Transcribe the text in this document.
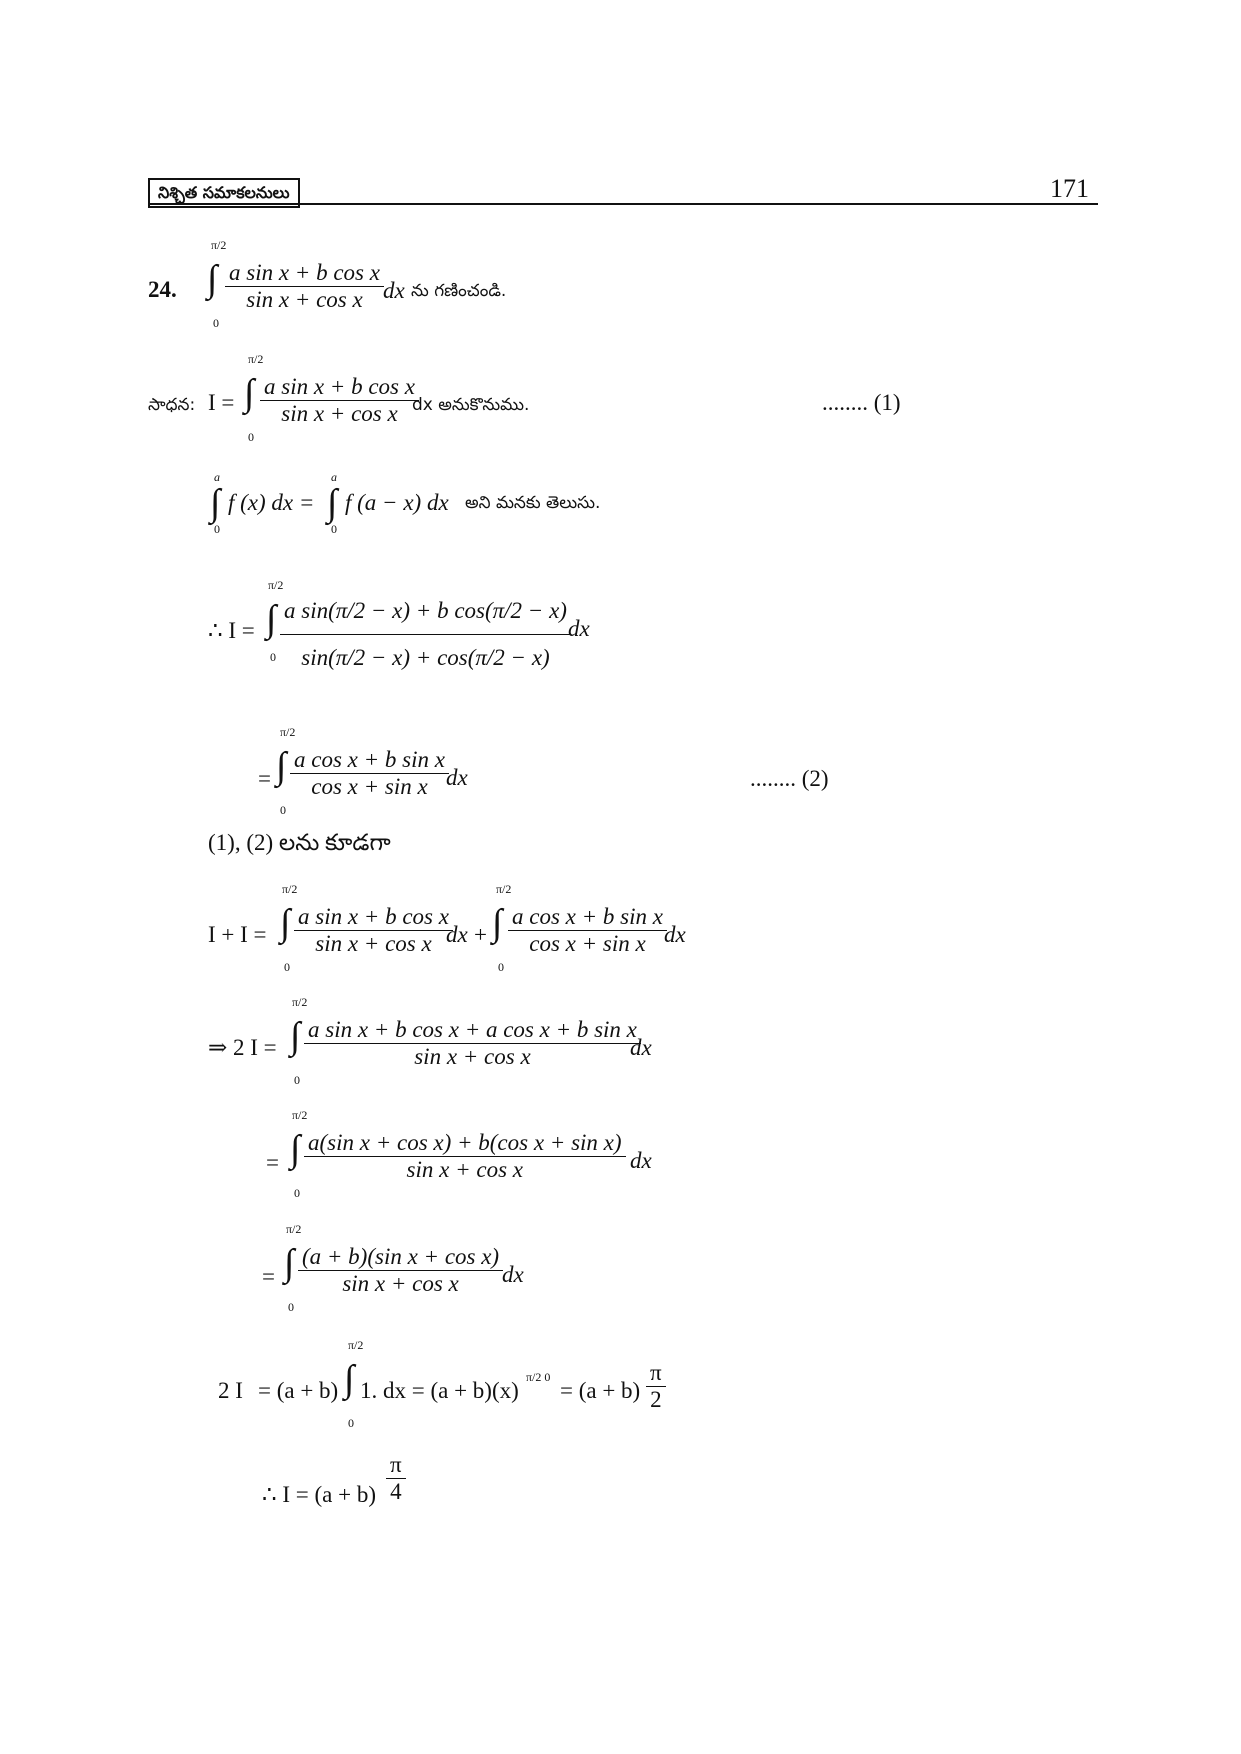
నిశ్చిత సమాకలనులు	171
24.
π/2
∫
0
$\frac{\text{a sin x + b cos x}}{\text{sin x + cos x}}$ dx ను గణించండి.
సాధన: I =
π/2
∫
0
$\frac{\text{a sin x + b cos x}}{\text{sin x + cos x}}$
dx అనుకొనుము.	........ (1)
a
∫
0
f (x) dx =
a
∫
0
f (a − x) dx అని మనకు తెలుసు.
∴ I =
π/2
∫
$0 \frac{\text{a sin(π/2 − x) + b cos(π/2 − x)}}{\sin(\pi/2 - x) + \cos(\pi/2 - x)}$
dx
=
π/2
∫
0
$\frac{\text{a cos x + b sin x}}{\text{cos x + sin x}}$
dx	........ (2)
(1), (2) లను కూడగా
I + I =
π/2
∫
0
$\frac{\text{a sin x + b cos x}}{\text{sin x + cos x}}$
dx +
π/2
∫
0
$\frac{\text{a cos x + b sin x}}{\text{cos x + sin x}}$
dx
⇒ 2 I =
π/2
∫
0
$\frac{\text{a sin x + b cos x + a cos x + b sin x}}{\text{sin x + cos x}}$
dx
=
π/2
∫
0
$\frac{\text{a(sin x + cos x) + b(cos x + sin x)}}{\text{sin x + cos x}}$ dx
=
π/2
∫
0
$\frac{\text{(a + b)(sin x + cos x)}}{\text{sin x + cos x}}$
dx
2 I = (a + b)
π/2
∫
0
1. dx = (a + b)(x)
π/2 0
= $(a + b) \frac{\pi}{2}$
∴ $I = (a + b) \frac{\pi}{4}$
